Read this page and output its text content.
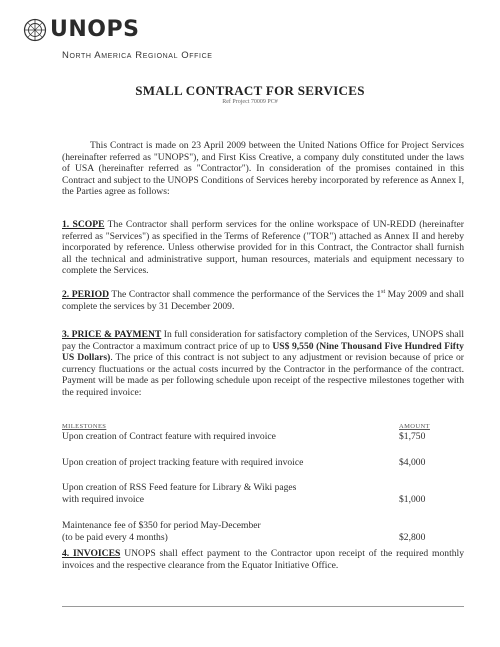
UNOPS
North America Regional Office
SMALL CONTRACT FOR SERVICES
Ref Project 70009 PC#
This Contract is made on 23 April 2009 between the United Nations Office for Project Services (hereinafter referred as "UNOPS"), and First Kiss Creative, a company duly constituted under the laws of USA (hereinafter referred as "Contractor"). In consideration of the promises contained in this Contract and subject to the UNOPS Conditions of Services hereby incorporated by reference as Annex I, the Parties agree as follows:
1. SCOPE The Contractor shall perform services for the online workspace of UN-REDD (hereinafter referred as "Services") as specified in the Terms of Reference ("TOR") attached as Annex II and hereby incorporated by reference. Unless otherwise provided for in this Contract, the Contractor shall furnish all the technical and administrative support, human resources, materials and equipment necessary to complete the Services.
2. PERIOD The Contractor shall commence the performance of the Services the 1st May 2009 and shall complete the services by 31 December 2009.
3. PRICE & PAYMENT In full consideration for satisfactory completion of the Services, UNOPS shall pay the Contractor a maximum contract price of up to US$ 9,550 (Nine Thousand Five Hundred Fifty US Dollars). The price of this contract is not subject to any adjustment or revision because of price or currency fluctuations or the actual costs incurred by the Contractor in the performance of the contract. Payment will be made as per following schedule upon receipt of the respective milestones together with the required invoice:
MILESTONES	AMOUNT
Upon creation of Contract feature with required invoice	$1,750
Upon creation of project tracking feature with required invoice	$4,000
Upon creation of RSS Feed feature for Library & Wiki pages
with required invoice	$1,000
Maintenance fee of $350 for period May-December
(to be paid every 4 months)	$2,800
4. INVOICES UNOPS shall effect payment to the Contractor upon receipt of the required monthly invoices and the respective clearance from the Equator Initiative Office.
